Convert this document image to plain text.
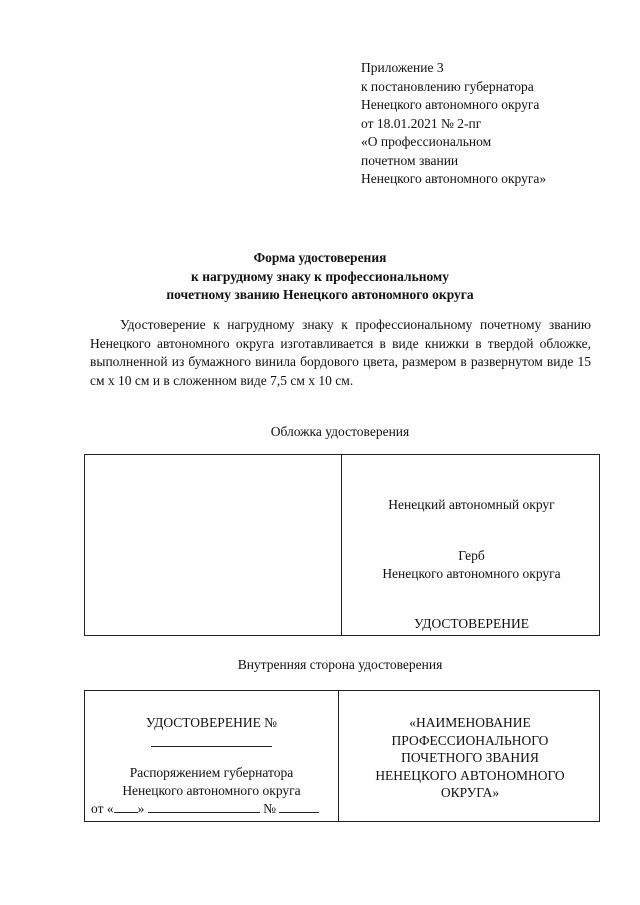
Приложение 3
к постановлению губернатора
Ненецкого автономного округа
от 18.01.2021 № 2-пг
«О профессиональном
почетном звании
Ненецкого автономного округа»
Форма удостоверения
к нагрудному знаку к профессиональному
почетному званию Ненецкого автономного округа
Удостоверение к нагрудному знаку к профессиональному почетному званию Ненецкого автономного округа изготавливается в виде книжки в твердой обложке, выполненной из бумажного винила бордового цвета, размером в развернутом виде 15 см х 10 см и в сложенном виде 7,5 см х 10 см.
Обложка удостоверения
Ненецкий автономный округ
Герб
Ненецкого автономного округа
УДОСТОВЕРЕНИЕ
Внутренняя сторона удостоверения
УДОСТОВЕРЕНИЕ №
Распоряжением губернатора
Ненецкого автономного округа
от « »	№
«НАИМЕНОВАНИЕ
ПРОФЕССИОНАЛЬНОГО
ПОЧЕТНОГО ЗВАНИЯ
НЕНЕЦКОГО АВТОНОМНОГО
ОКРУГА»
